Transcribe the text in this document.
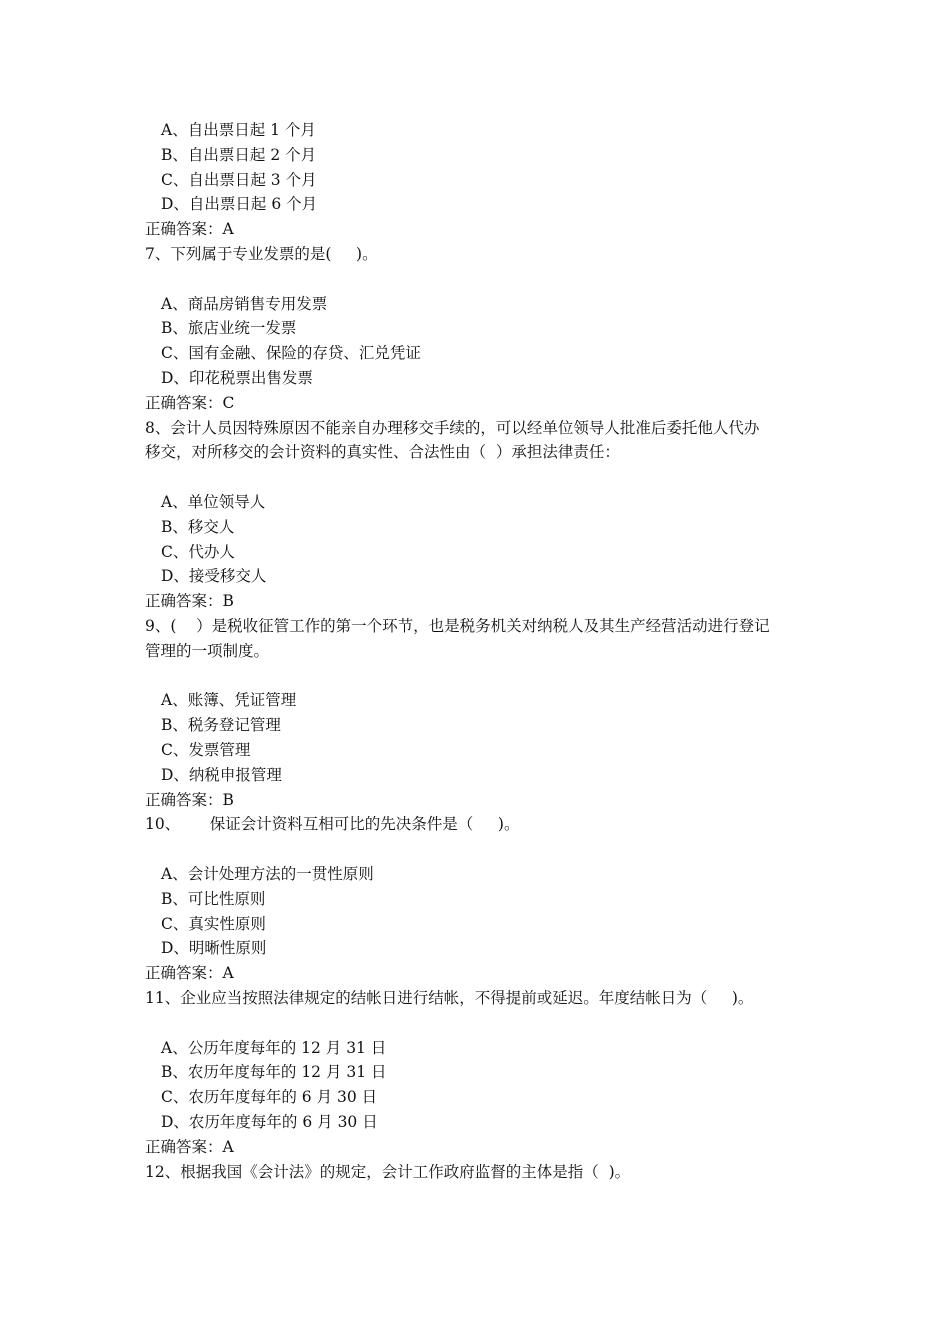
A、自出票日起 1 个月
B、自出票日起 2 个月
C、自出票日起 3 个月
D、自出票日起 6 个月
正确答案：A
7、下列属于专业发票的是(     )。
A、商品房销售专用发票
B、旅店业统一发票
C、国有金融、保险的存贷、汇兑凭证
D、印花税票出售发票
正确答案：C
8、会计人员因特殊原因不能亲自办理移交手续的，可以经单位领导人批准后委托他人代办
移交，对所移交的会计资料的真实性、合法性由（  ）承担法律责任：
A、单位领导人
B、移交人
C、代办人
D、接受移交人
正确答案：B
9、(    ）是税收征管工作的第一个环节，也是税务机关对纳税人及其生产经营活动进行登记
管理的一项制度。
A、账簿、凭证管理
B、税务登记管理
C、发票管理
D、纳税申报管理
正确答案：B
10、      保证会计资料互相可比的先决条件是（     )。
A、会计处理方法的一贯性原则
B、可比性原则
C、真实性原则
D、明晰性原则
正确答案：A
11、企业应当按照法律规定的结帐日进行结帐，不得提前或延迟。年度结帐日为（     )。
A、公历年度每年的 12 月 31 日
B、农历年度每年的 12 月 31 日
C、农历年度每年的 6 月 30 日
D、农历年度每年的 6 月 30 日
正确答案：A
12、根据我国《会计法》的规定，会计工作政府监督的主体是指（  )。
